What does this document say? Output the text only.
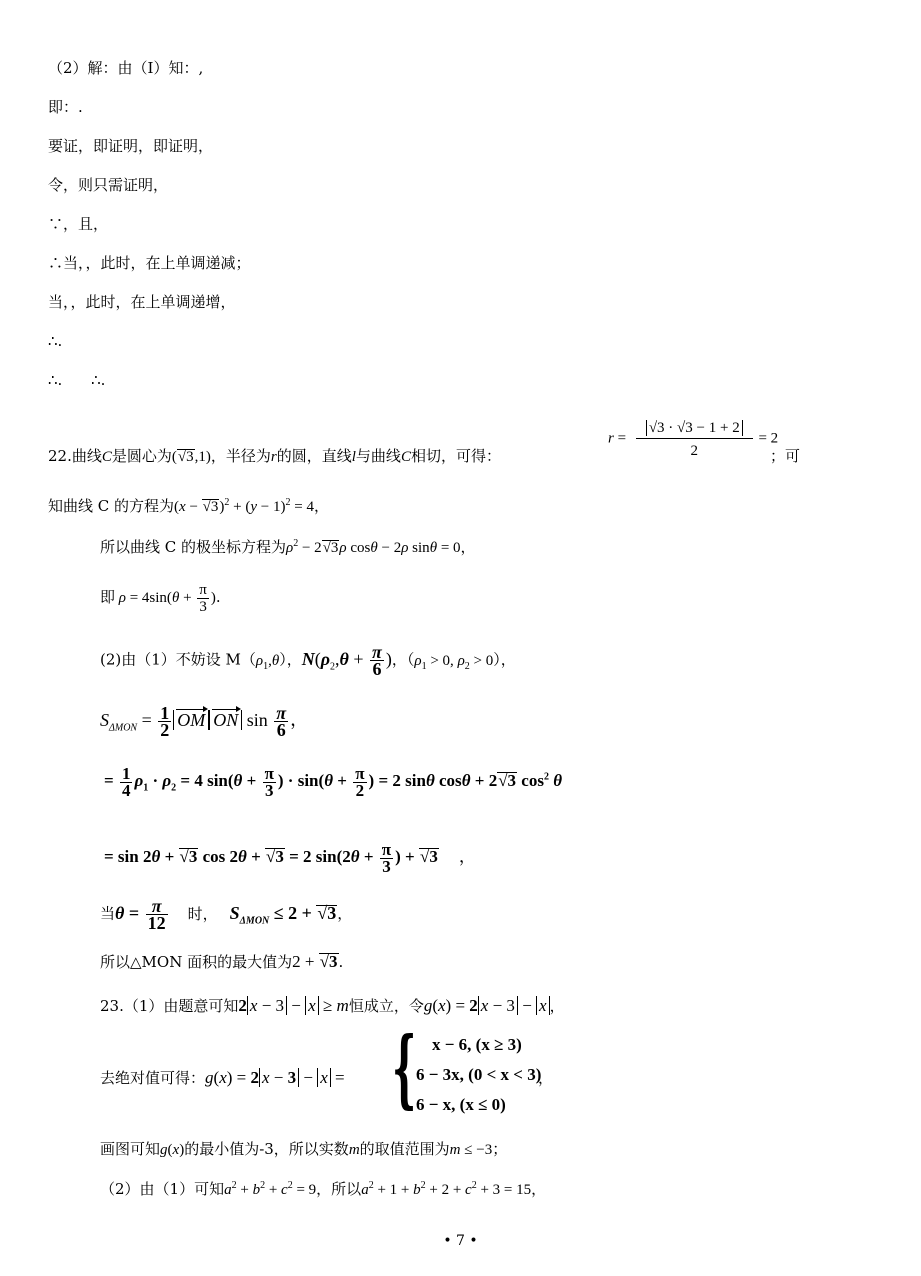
（2）解：由（Ⅰ）知：,
即：.
要证，即证明，即证明，
令，则只需证明，
∵，且，
∴当，，此时，在上单调递减；
当，，此时，在上单调递增，
∴.
∴. ∴.
22.曲线C是圆心为(√3,1)，半径为r的圆，直线l与曲线C相切，可得：
$r = \frac{√3 \cdot √3 - 1 + 2}{2} = 2$
；可
知曲线 C 的方程为$(x - √3)^2 + (y - 1)^2 = 4$，
所以曲线 C 的极坐标方程为$\rho^2 - 2√3\rho$ cosθ − 2ρ sinθ = 0，
即 $\rho = 4\sin(\theta + \frac{\pi}{3}$ ).
(2)由（1）不妨设 $M(\rho_1,\theta)$，$N(\rho_2,\theta + \frac{\pi}{6}$ )，（$\rho_1 > 0$, $\rho_2 > 0$），
$S_{\Delta MON} = \frac{1}{2}$ OM ON $\sin \frac{\pi}{6}$ ，
= $\frac{1}{4} \rho_1 \cdot \rho_2 = 4$ $\sin(\theta + \frac{\pi}{3}$ ) · $\sin(\theta + \frac{\pi}{2}$ ) = 2 sinθ cosθ + 2√3 $\cos^2 \theta$
= sin 2θ + √3 cos 2θ + √3 = 2 $\sin(2\theta + \frac{\pi}{3}$ ) + √3 ，
当$\theta = \frac{\pi}{12}$ 时， $S_{\Delta MON} \le 2 + √3$，
所以△MON 面积的最大值为2 + √3.
23.（1）由题意可知2 x − 3 − x ≥ m恒成立，令g(x) = 2 x − 3 − x ，
去绝对值可得：g(x) = 2 x − 3 − x = { x − 6, (x ≥ 3)
6 − 3x, (0 < x < 3)
6 − x, (x ≤ 0)
，
画图可知g(x)的最小值为-3，所以实数m的取值范围为m ≤ −3；
（2）由（1）可知$a^2 + b^2 + c^2 = 9$，所以$a^2 + 1 + b^2 + 2 + c^2 + 3 = 15$，
• 7 •
